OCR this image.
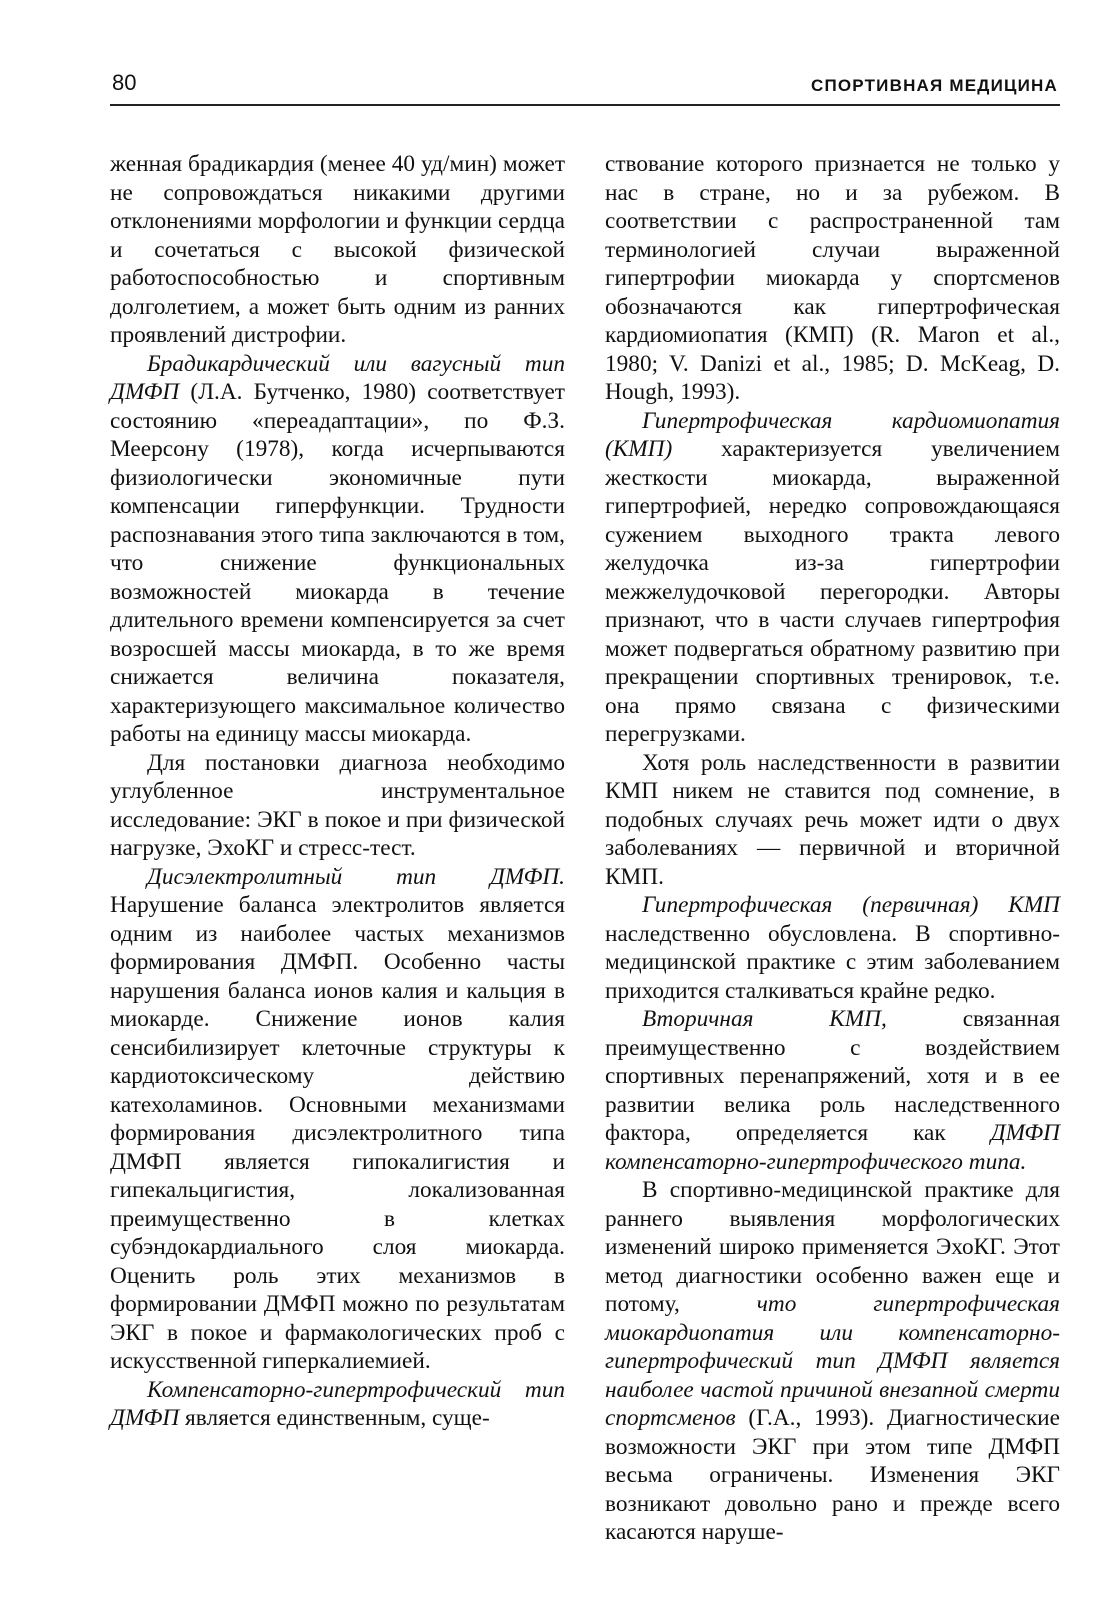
80	СПОРТИВНАЯ МЕДИЦИНА

женная брадикардия (менее 40 уд/мин) может не сопровождаться никакими другими отклонениями морфологии и функции сердца и сочетаться с высокой физической работоспособностью и спортивным долголетием, а может быть одним из ранних проявлений дистрофии.

Брадикардический или вагусный тип ДМФП (Л.А. Бутченко, 1980) соответствует состоянию «переадаптации», по Ф.З. Меерсону (1978), когда исчерпываются физиологически экономичные пути компенсации гиперфункции. Трудности распознавания этого типа заключаются в том, что снижение функциональных возможностей миокарда в течение длительного времени компенсируется за счет возросшей массы миокарда, в то же время снижается величина показателя, характеризующего максимальное количество работы на единицу массы миокарда.

Для постановки диагноза необходимо углубленное инструментальное исследование: ЭКГ в покое и при физической нагрузке, ЭхоКГ и стресс-тест.

Дисэлектролитный тип ДМФП. Нарушение баланса электролитов является одним из наиболее частых механизмов формирования ДМФП. Особенно часты нарушения баланса ионов калия и кальция в миокарде. Снижение ионов калия сенсибилизирует клеточные структуры к кардиотоксическому действию катехоламинов. Основными механизмами формирования дисэлектролитного типа ДМФП является гипокалигистия и гипекальцигистия, локализованная преимущественно в клетках субэндокардиального слоя миокарда. Оценить роль этих механизмов в формировании ДМФП можно по результатам ЭКГ в покое и фармакологических проб с искусственной гиперкалиемией.

Компенсаторно-гипертрофический тип ДМФП является единственным, суще-

ствование которого признается не только у нас в стране, но и за рубежом. В соответствии с распространенной там терминологией случаи выраженной гипертрофии миокарда у спортсменов обозначаются как гипертрофическая кардиомиопатия (КМП) (R. Maron et al., 1980; V. Danizi et al., 1985; D. McKeag, D. Hough, 1993).

Гипертрофическая кардиомиопатия (КМП) характеризуется увеличением жесткости миокарда, выраженной гипертрофией, нередко сопровождающаяся сужением выходного тракта левого желудочка из-за гипертрофии межжелудочковой перегородки. Авторы признают, что в части случаев гипертрофия может подвергаться обратному развитию при прекращении спортивных тренировок, т.е. она прямо связана с физическими перегрузками.

Хотя роль наследственности в развитии КМП никем не ставится под сомнение, в подобных случаях речь может идти о двух заболеваниях — первичной и вторичной КМП.

Гипертрофическая (первичная) КМП наследственно обусловлена. В спортивно-медицинской практике с этим заболеванием приходится сталкиваться крайне редко.

Вторичная КМП, связанная преимущественно с воздействием спортивных перенапряжений, хотя и в ее развитии велика роль наследственного фактора, определяется как ДМФП компенсаторно-гипертрофического типа.

В спортивно-медицинской практике для раннего выявления морфологических изменений широко применяется ЭхоКГ. Этот метод диагностики особенно важен еще и потому, что гипертрофическая миокардиопатия или компенсаторно-гипертрофический тип ДМФП является наиболее частой причиной внезапной смерти спортсменов (Г.А., 1993). Диагностические возможности ЭКГ при этом типе ДМФП весьма ограничены. Изменения ЭКГ возникают довольно рано и прежде всего касаются наруше-
